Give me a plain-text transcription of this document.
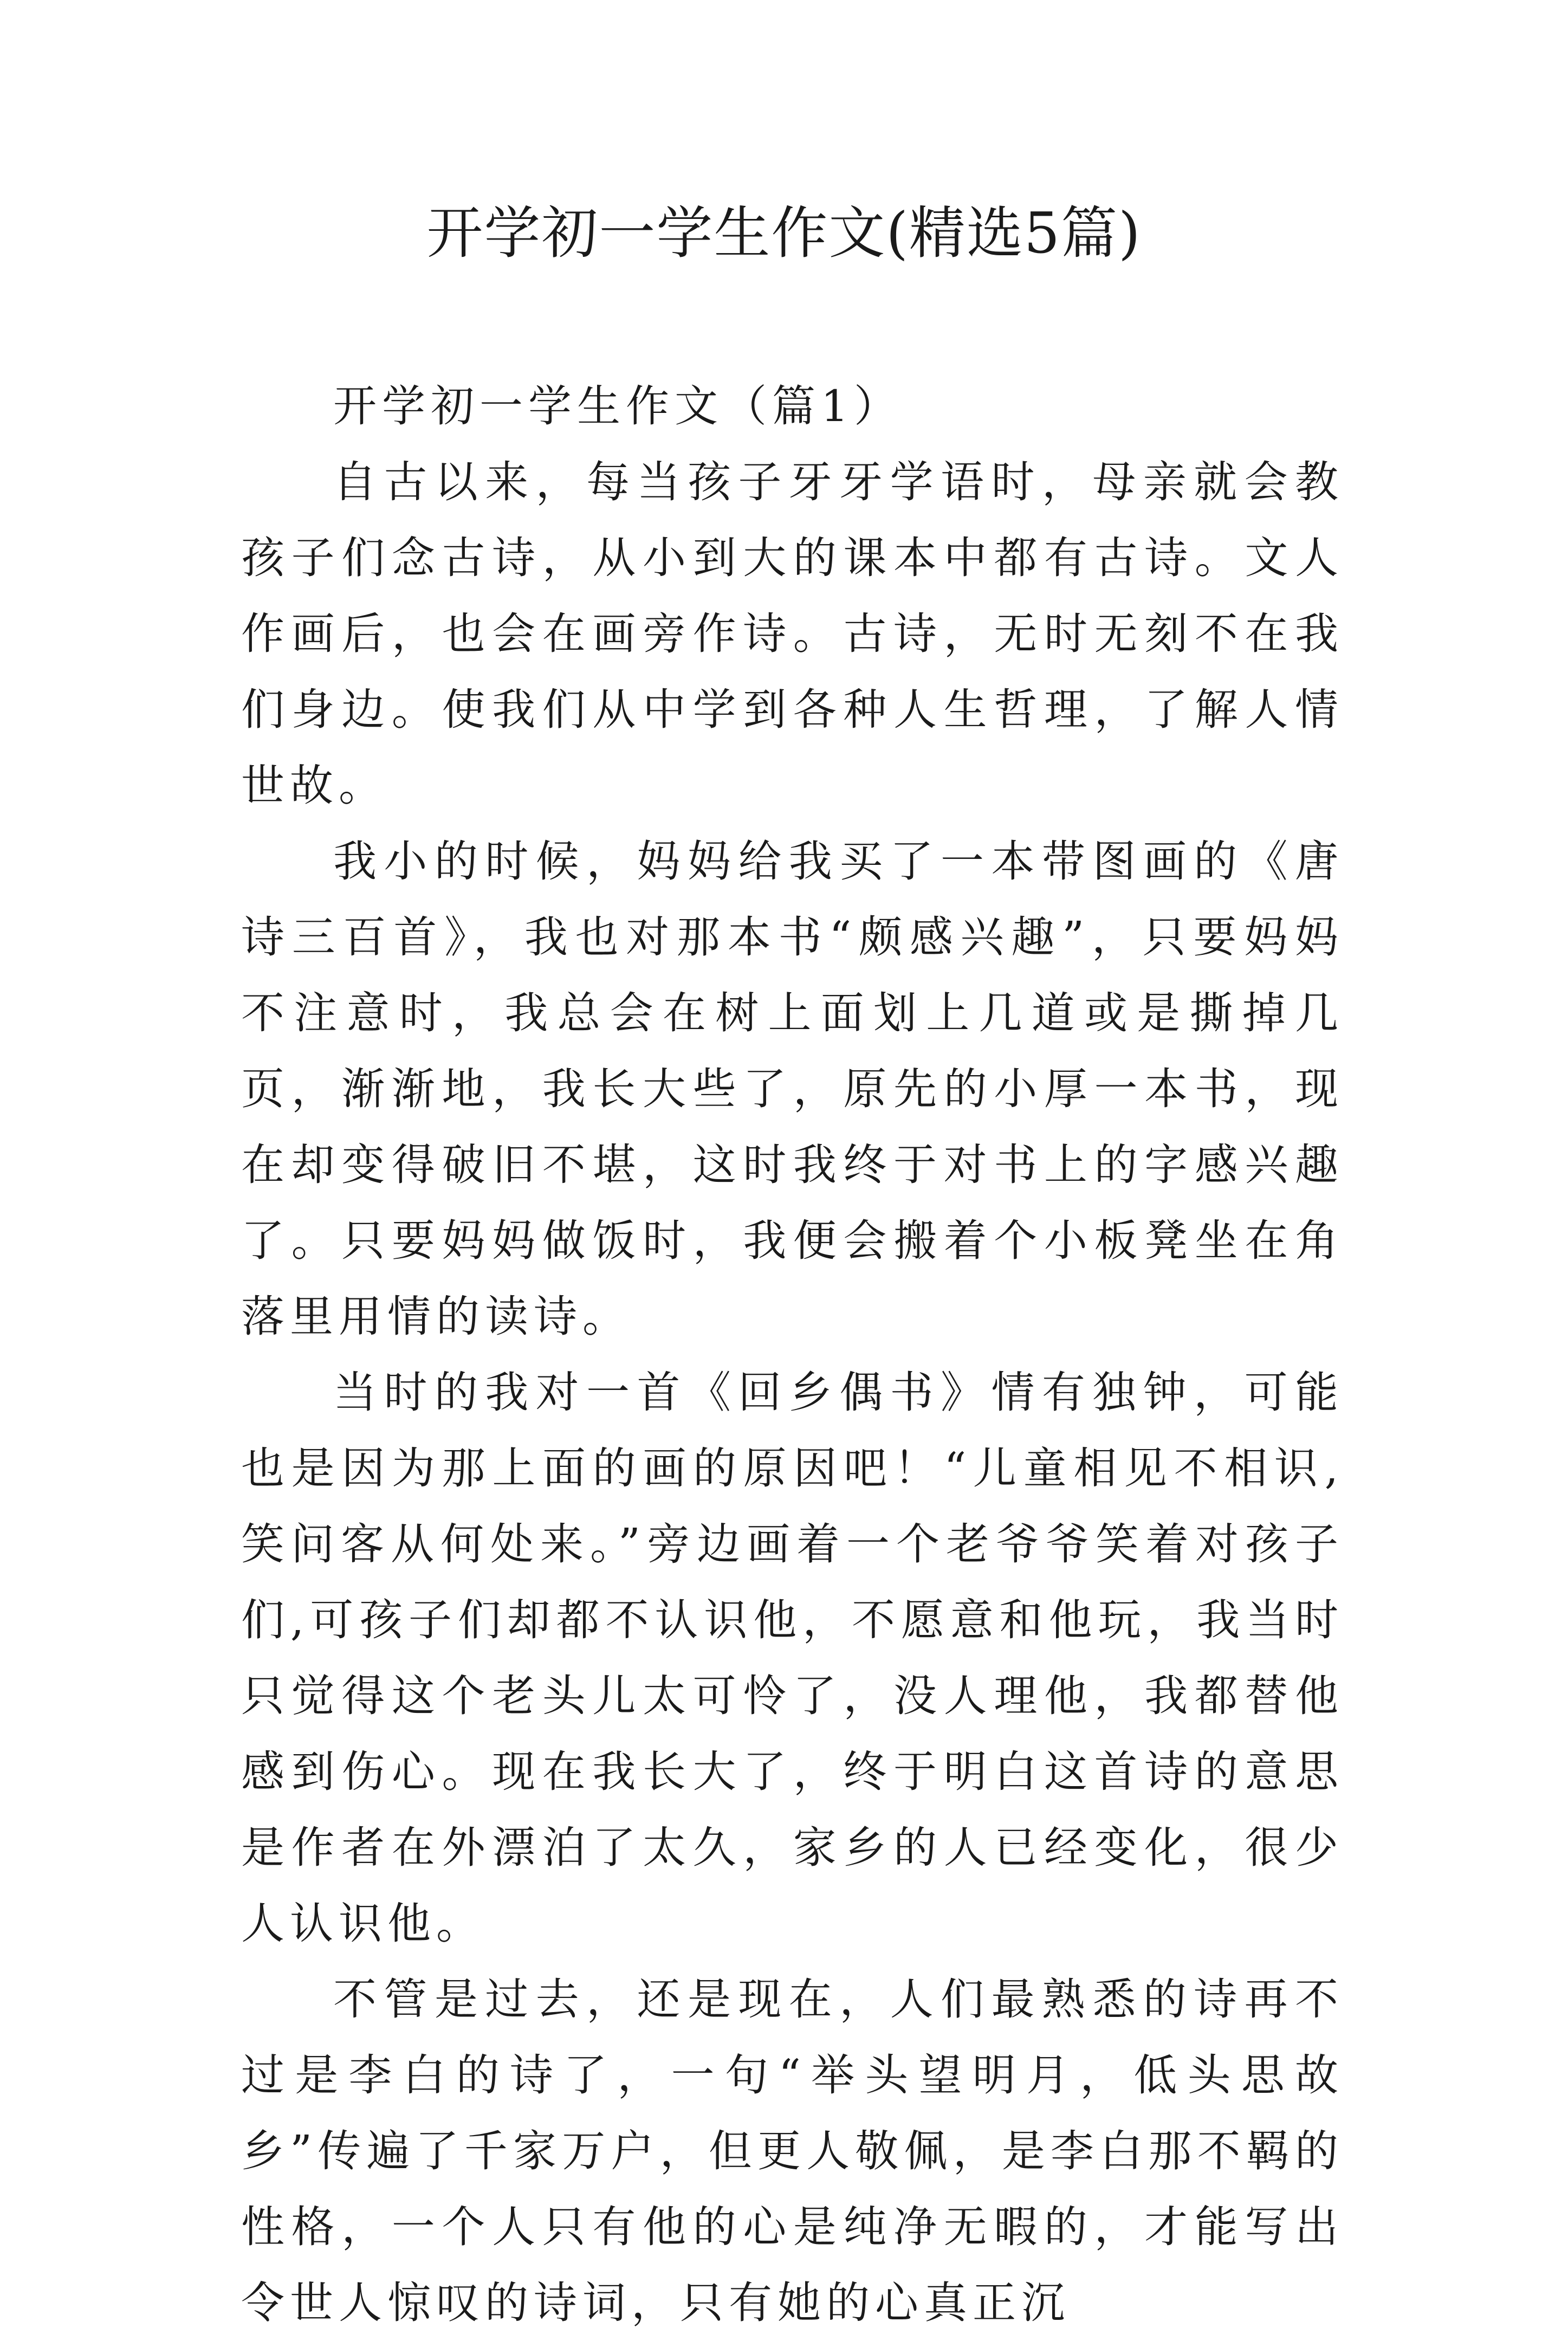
开学初一学生作文(精选5篇)

开学初一学生作文（篇1）

自古以来，每当孩子牙牙学语时，母亲就会教孩子们念古诗，从小到大的课本中都有古诗。文人作画后，也会在画旁作诗。古诗，无时无刻不在我们身边。使我们从中学到各种人生哲理，了解人情世故。

我小的时候，妈妈给我买了一本带图画的《唐诗三百首》，我也对那本书“颇感兴趣”，只要妈妈不注意时，我总会在树上面划上几道或是撕掉几页，渐渐地，我长大些了，原先的小厚一本书，现在却变得破旧不堪，这时我终于对书上的字感兴趣了。只要妈妈做饭时，我便会搬着个小板凳坐在角落里用情的读诗。

当时的我对一首《回乡偶书》情有独钟，可能也是因为那上面的画的原因吧！“儿童相见不相识,笑问客从何处来。”旁边画着一个老爷爷笑着对孩子们,可孩子们却都不认识他，不愿意和他玩，我当时只觉得这个老头儿太可怜了，没人理他，我都替他感到伤心。现在我长大了，终于明白这首诗的意思是作者在外漂泊了太久，家乡的人已经变化，很少人认识他。

不管是过去，还是现在，人们最熟悉的诗再不过是李白的诗了，一句“举头望明月，低头思故乡”传遍了千家万户，但更人敬佩，是李白那不羁的性格，一个人只有他的心是纯净无暇的，才能写出令世人惊叹的诗词，只有她的心真正沉
